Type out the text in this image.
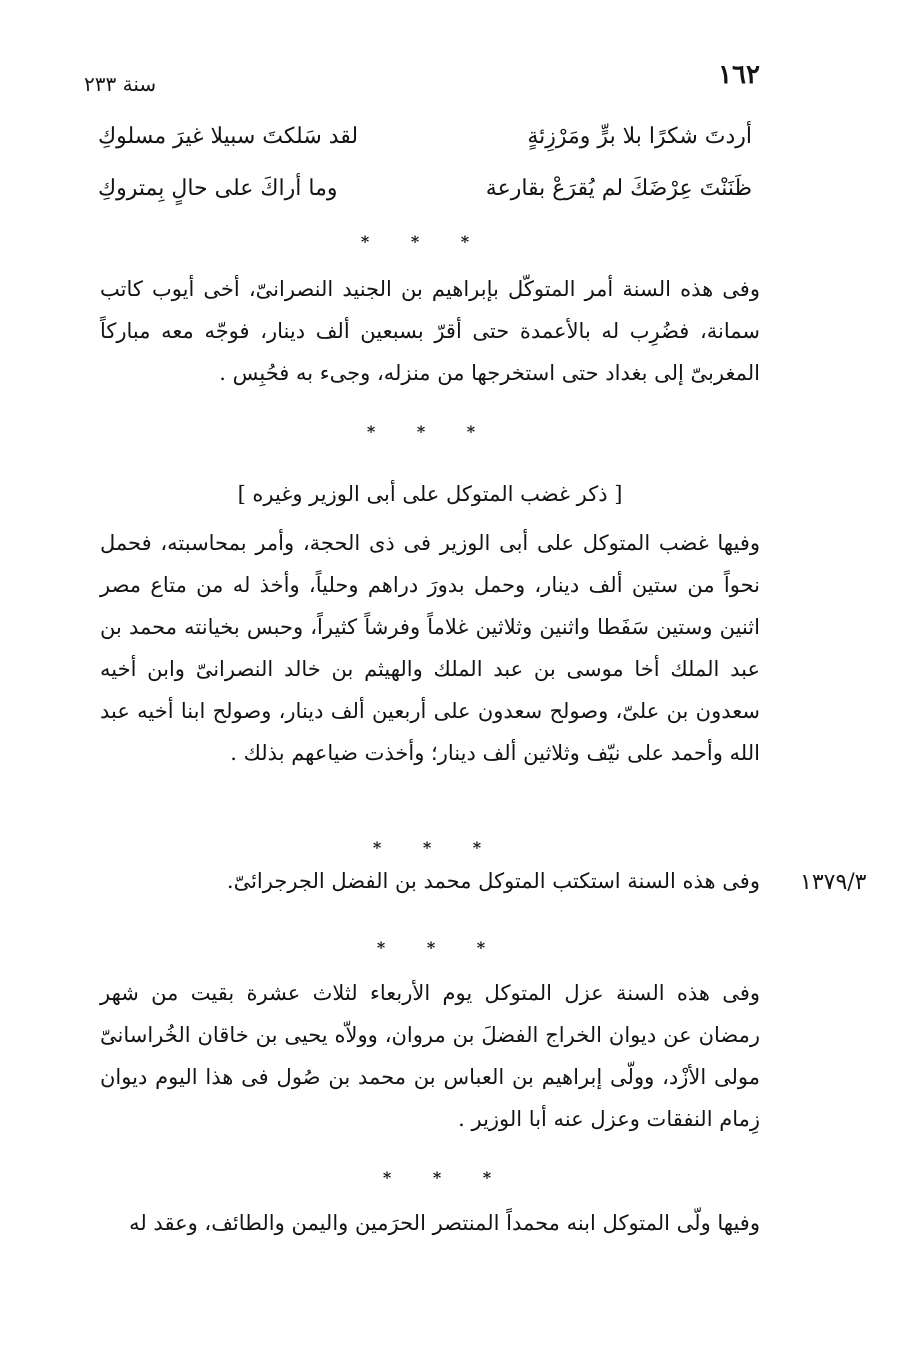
١٦٢
سنة ٢٣٣
أردتَ شكرًا بلا برٍّ ومَرْزِئةٍ
لقد سَلكتَ سبيلا غيرَ مسلوكِ
ظَنَنْتَ عِرْضَكَ لم يُقرَعْ بقارعة
وما أراكَ على حالٍ بِمتروكِ
* * *

وفى هذه السنة أمر المتوكّل بإبراهيم بن الجنيد النصرانىّ، أخى أيوب كاتب سمانة، فضُرِب له بالأعمدة حتى أقرّ بسبعين ألف دينار، فوجّه معه مباركاً المغربىّ إلى بغداد حتى استخرجها من منزله، وجىء به فحُبِس .

* * *
[ ذكر غضب المتوكل على أبى الوزير وغيره ]

وفيها غضب المتوكل على أبى الوزير فى ذى الحجة، وأمر بمحاسبته، فحمل نحواً من ستين ألف دينار، وحمل بدورَ دراهم وحلياً، وأخذ له من متاع مصر اثنين وستين سَفَطا واثنين وثلاثين غلاماً وفرشاً كثيراً، وحبس بخيانته محمد بن عبد الملك أخا موسى بن عبد الملك والهيثم بن خالد النصرانىّ وابن أخيه سعدون بن علىّ، وصولح سعدون على أربعين ألف دينار، وصولح ابنا أخيه عبد الله وأحمد على نيّف وثلاثين ألف دينار؛ وأخذت ضياعهم بذلك .

* * *
١٣٧٩/٣

وفى هذه السنة استكتب المتوكل محمد بن الفضل الجرجرائىّ.

* * *

وفى هذه السنة عزل المتوكل يوم الأربعاء لثلاث عشرة بقيت من شهر رمضان عن ديوان الخراج الفضلَ بن مروان، وولاّه يحيى بن خاقان الخُراسانىّ مولى الأزْد، وولّى إبراهيم بن العباس بن محمد بن صُول فى هذا اليوم ديوان زِمام النفقات وعزل عنه أبا الوزير .

* * *

وفيها ولّى المتوكل ابنه محمداً المنتصر الحرَمين واليمن والطائف، وعقد له
